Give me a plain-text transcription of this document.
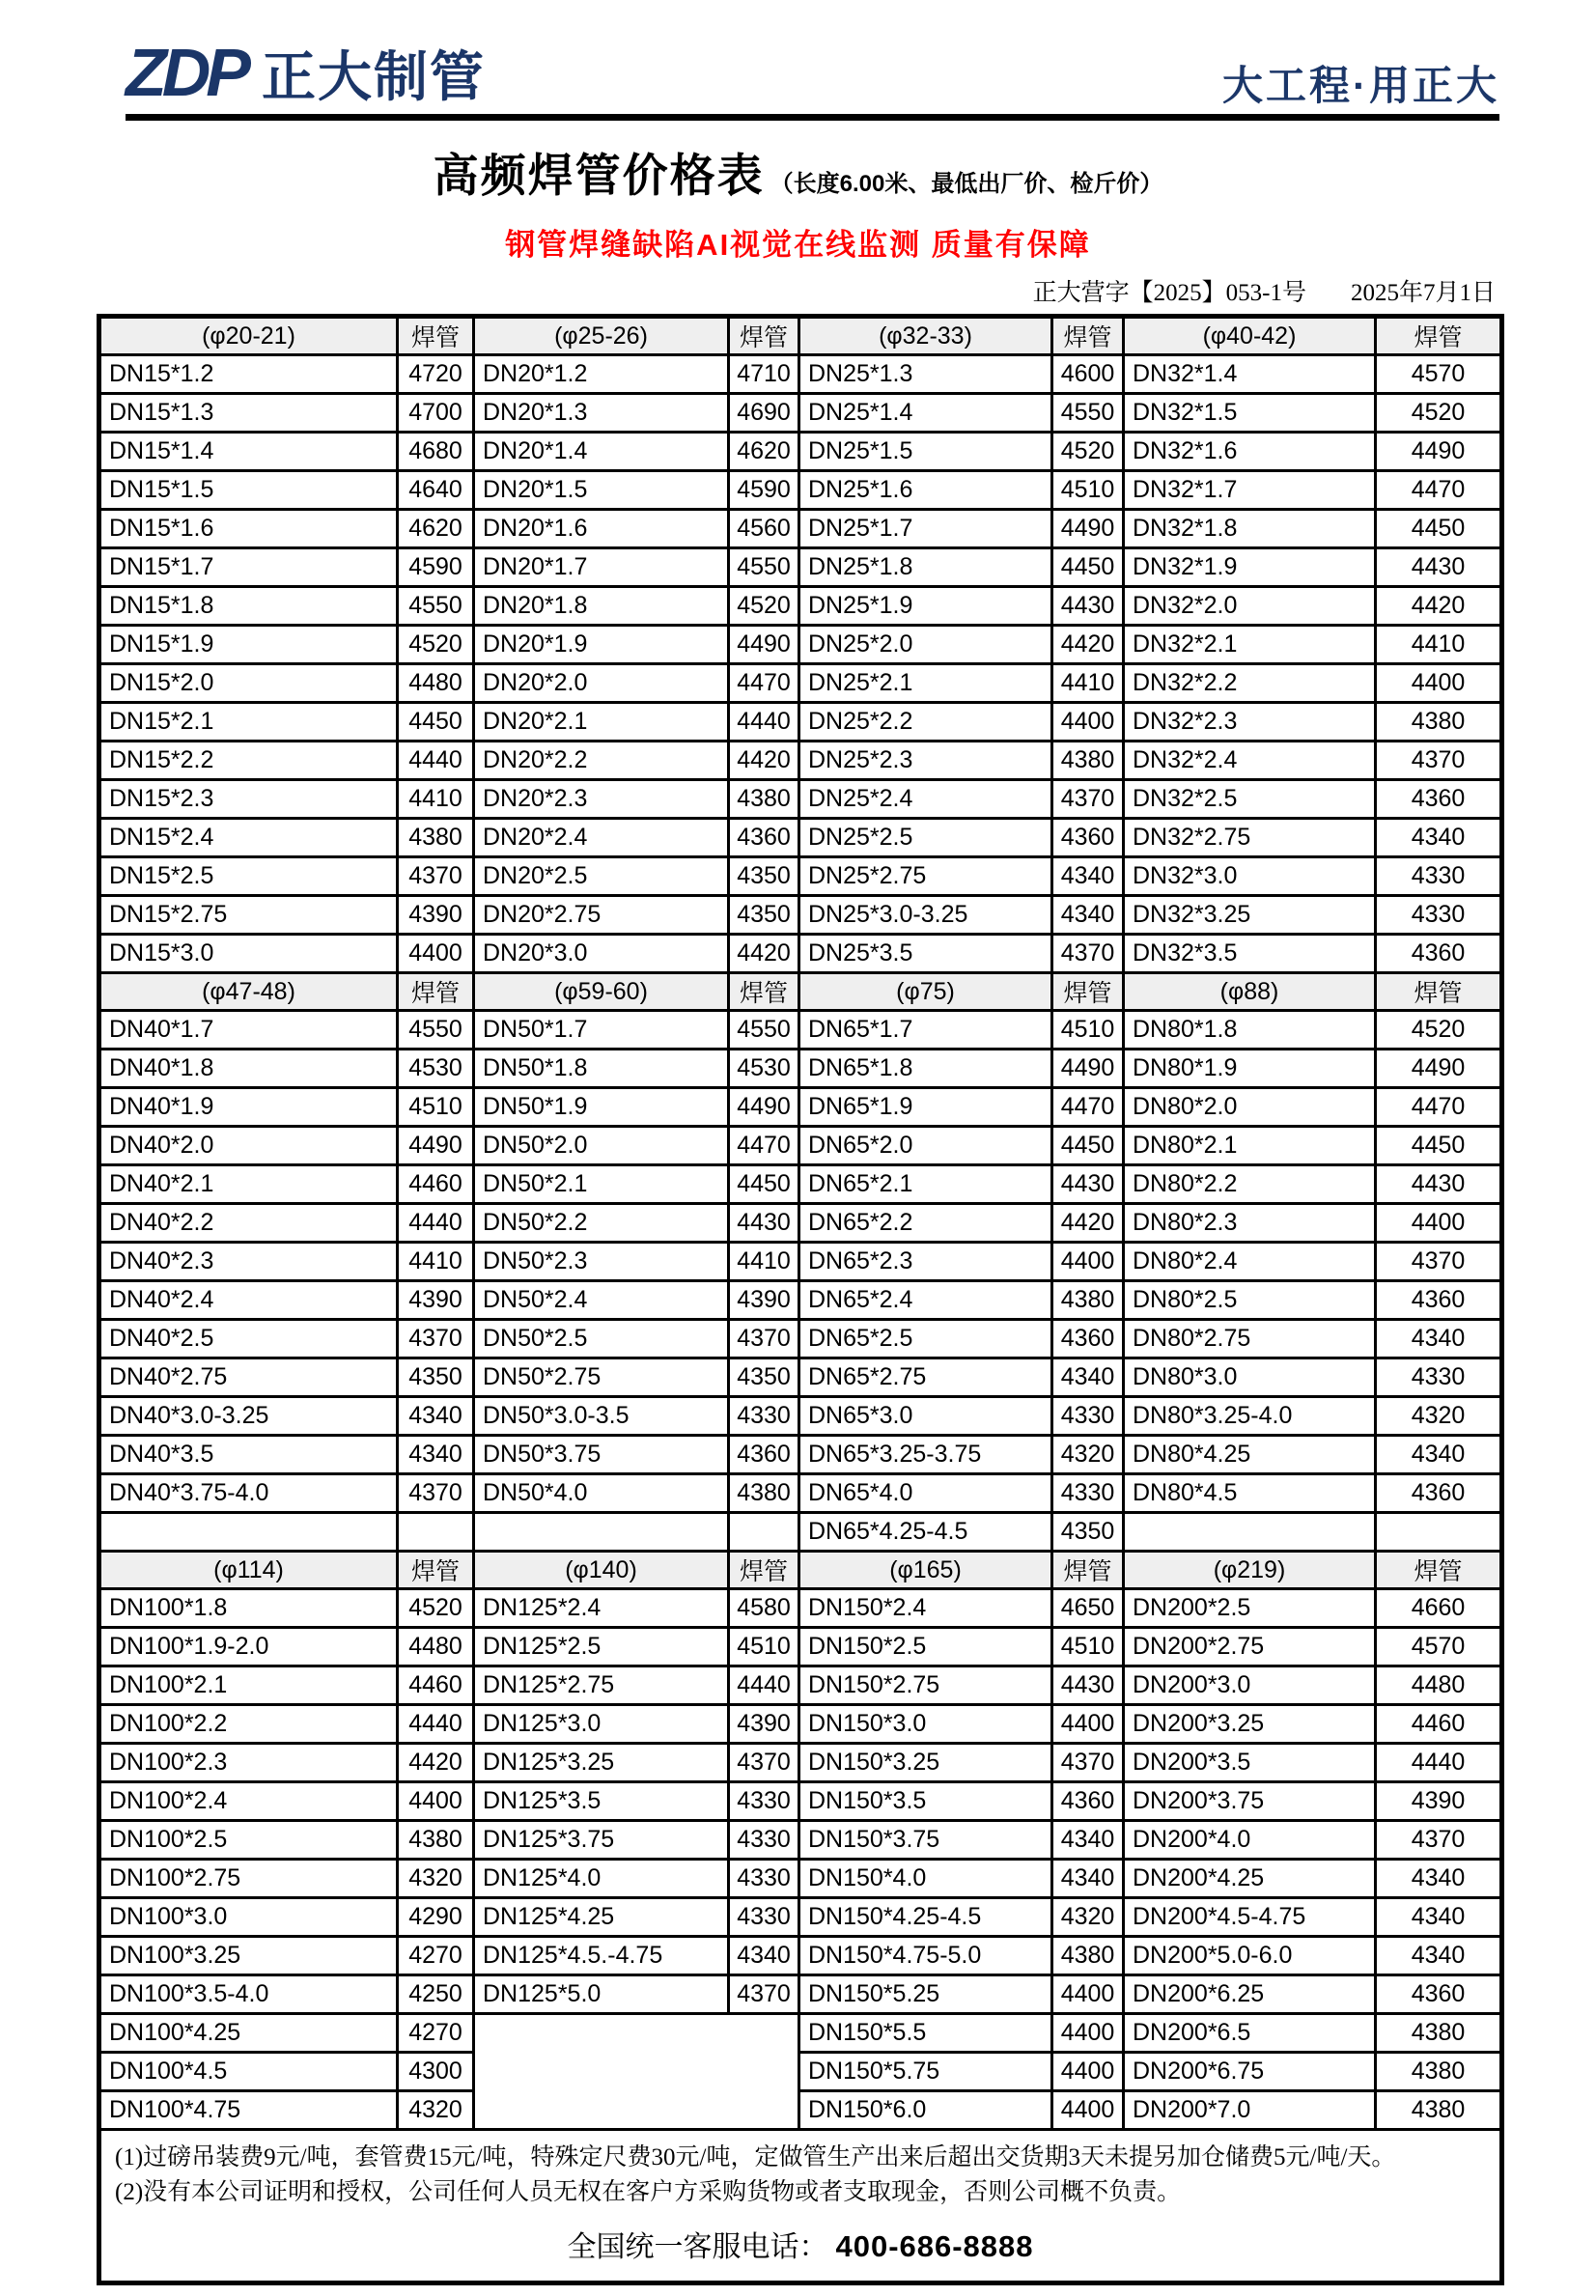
ZDP 正大制管	大工程·用正大
高频焊管价格表 （长度6.00米、最低出厂价、检斤价）
钢管焊缝缺陷AI视觉在线监测 质量有保障
正大营字【2025】053-1号 2025年7月1日
(φ20-21)	焊管	(φ25-26)	焊管	(φ32-33)	焊管	(φ40-42)	焊管
DN15*1.2	4720	DN20*1.2	4710	DN25*1.3	4600	DN32*1.4	4570
DN15*1.3	4700	DN20*1.3	4690	DN25*1.4	4550	DN32*1.5	4520
DN15*1.4	4680	DN20*1.4	4620	DN25*1.5	4520	DN32*1.6	4490
DN15*1.5	4640	DN20*1.5	4590	DN25*1.6	4510	DN32*1.7	4470
DN15*1.6	4620	DN20*1.6	4560	DN25*1.7	4490	DN32*1.8	4450
DN15*1.7	4590	DN20*1.7	4550	DN25*1.8	4450	DN32*1.9	4430
DN15*1.8	4550	DN20*1.8	4520	DN25*1.9	4430	DN32*2.0	4420
DN15*1.9	4520	DN20*1.9	4490	DN25*2.0	4420	DN32*2.1	4410
DN15*2.0	4480	DN20*2.0	4470	DN25*2.1	4410	DN32*2.2	4400
DN15*2.1	4450	DN20*2.1	4440	DN25*2.2	4400	DN32*2.3	4380
DN15*2.2	4440	DN20*2.2	4420	DN25*2.3	4380	DN32*2.4	4370
DN15*2.3	4410	DN20*2.3	4380	DN25*2.4	4370	DN32*2.5	4360
DN15*2.4	4380	DN20*2.4	4360	DN25*2.5	4360	DN32*2.75	4340
DN15*2.5	4370	DN20*2.5	4350	DN25*2.75	4340	DN32*3.0	4330
DN15*2.75	4390	DN20*2.75	4350	DN25*3.0-3.25	4340	DN32*3.25	4330
DN15*3.0	4400	DN20*3.0	4420	DN25*3.5	4370	DN32*3.5	4360
(φ47-48)	焊管	(φ59-60)	焊管	(φ75)	焊管	(φ88)	焊管
DN40*1.7	4550	DN50*1.7	4550	DN65*1.7	4510	DN80*1.8	4520
DN40*1.8	4530	DN50*1.8	4530	DN65*1.8	4490	DN80*1.9	4490
DN40*1.9	4510	DN50*1.9	4490	DN65*1.9	4470	DN80*2.0	4470
DN40*2.0	4490	DN50*2.0	4470	DN65*2.0	4450	DN80*2.1	4450
DN40*2.1	4460	DN50*2.1	4450	DN65*2.1	4430	DN80*2.2	4430
DN40*2.2	4440	DN50*2.2	4430	DN65*2.2	4420	DN80*2.3	4400
DN40*2.3	4410	DN50*2.3	4410	DN65*2.3	4400	DN80*2.4	4370
DN40*2.4	4390	DN50*2.4	4390	DN65*2.4	4380	DN80*2.5	4360
DN40*2.5	4370	DN50*2.5	4370	DN65*2.5	4360	DN80*2.75	4340
DN40*2.75	4350	DN50*2.75	4350	DN65*2.75	4340	DN80*3.0	4330
DN40*3.0-3.25	4340	DN50*3.0-3.5	4330	DN65*3.0	4330	DN80*3.25-4.0	4320
DN40*3.5	4340	DN50*3.75	4360	DN65*3.25-3.75	4320	DN80*4.25	4340
DN40*3.75-4.0	4370	DN50*4.0	4380	DN65*4.0	4330	DN80*4.5	4360
				DN65*4.25-4.5	4350		
(φ114)	焊管	(φ140)	焊管	(φ165)	焊管	(φ219)	焊管
DN100*1.8	4520	DN125*2.4	4580	DN150*2.4	4650	DN200*2.5	4660
DN100*1.9-2.0	4480	DN125*2.5	4510	DN150*2.5	4510	DN200*2.75	4570
DN100*2.1	4460	DN125*2.75	4440	DN150*2.75	4430	DN200*3.0	4480
DN100*2.2	4440	DN125*3.0	4390	DN150*3.0	4400	DN200*3.25	4460
DN100*2.3	4420	DN125*3.25	4370	DN150*3.25	4370	DN200*3.5	4440
DN100*2.4	4400	DN125*3.5	4330	DN150*3.5	4360	DN200*3.75	4390
DN100*2.5	4380	DN125*3.75	4330	DN150*3.75	4340	DN200*4.0	4370
DN100*2.75	4320	DN125*4.0	4330	DN150*4.0	4340	DN200*4.25	4340
DN100*3.0	4290	DN125*4.25	4330	DN150*4.25-4.5	4320	DN200*4.5-4.75	4340
DN100*3.25	4270	DN125*4.5.-4.75	4340	DN150*4.75-5.0	4380	DN200*5.0-6.0	4340
DN100*3.5-4.0	4250	DN125*5.0	4370	DN150*5.25	4400	DN200*6.25	4360
DN100*4.25	4270			DN150*5.5	4400	DN200*6.5	4380
DN100*4.5	4300			DN150*5.75	4400	DN200*6.75	4380
DN100*4.75	4320			DN150*6.0	4400	DN200*7.0	4380

(1)过磅吊装费9元/吨，套管费15元/吨，特殊定尺费30元/吨，定做管生产出来后超出交货期3天未提另加仓储费5元/吨/天。
(2)没有本公司证明和授权，公司任何人员无权在客户方采购货物或者支取现金，否则公司概不负责。							

全国统一客服电话： 400-686-8888							
